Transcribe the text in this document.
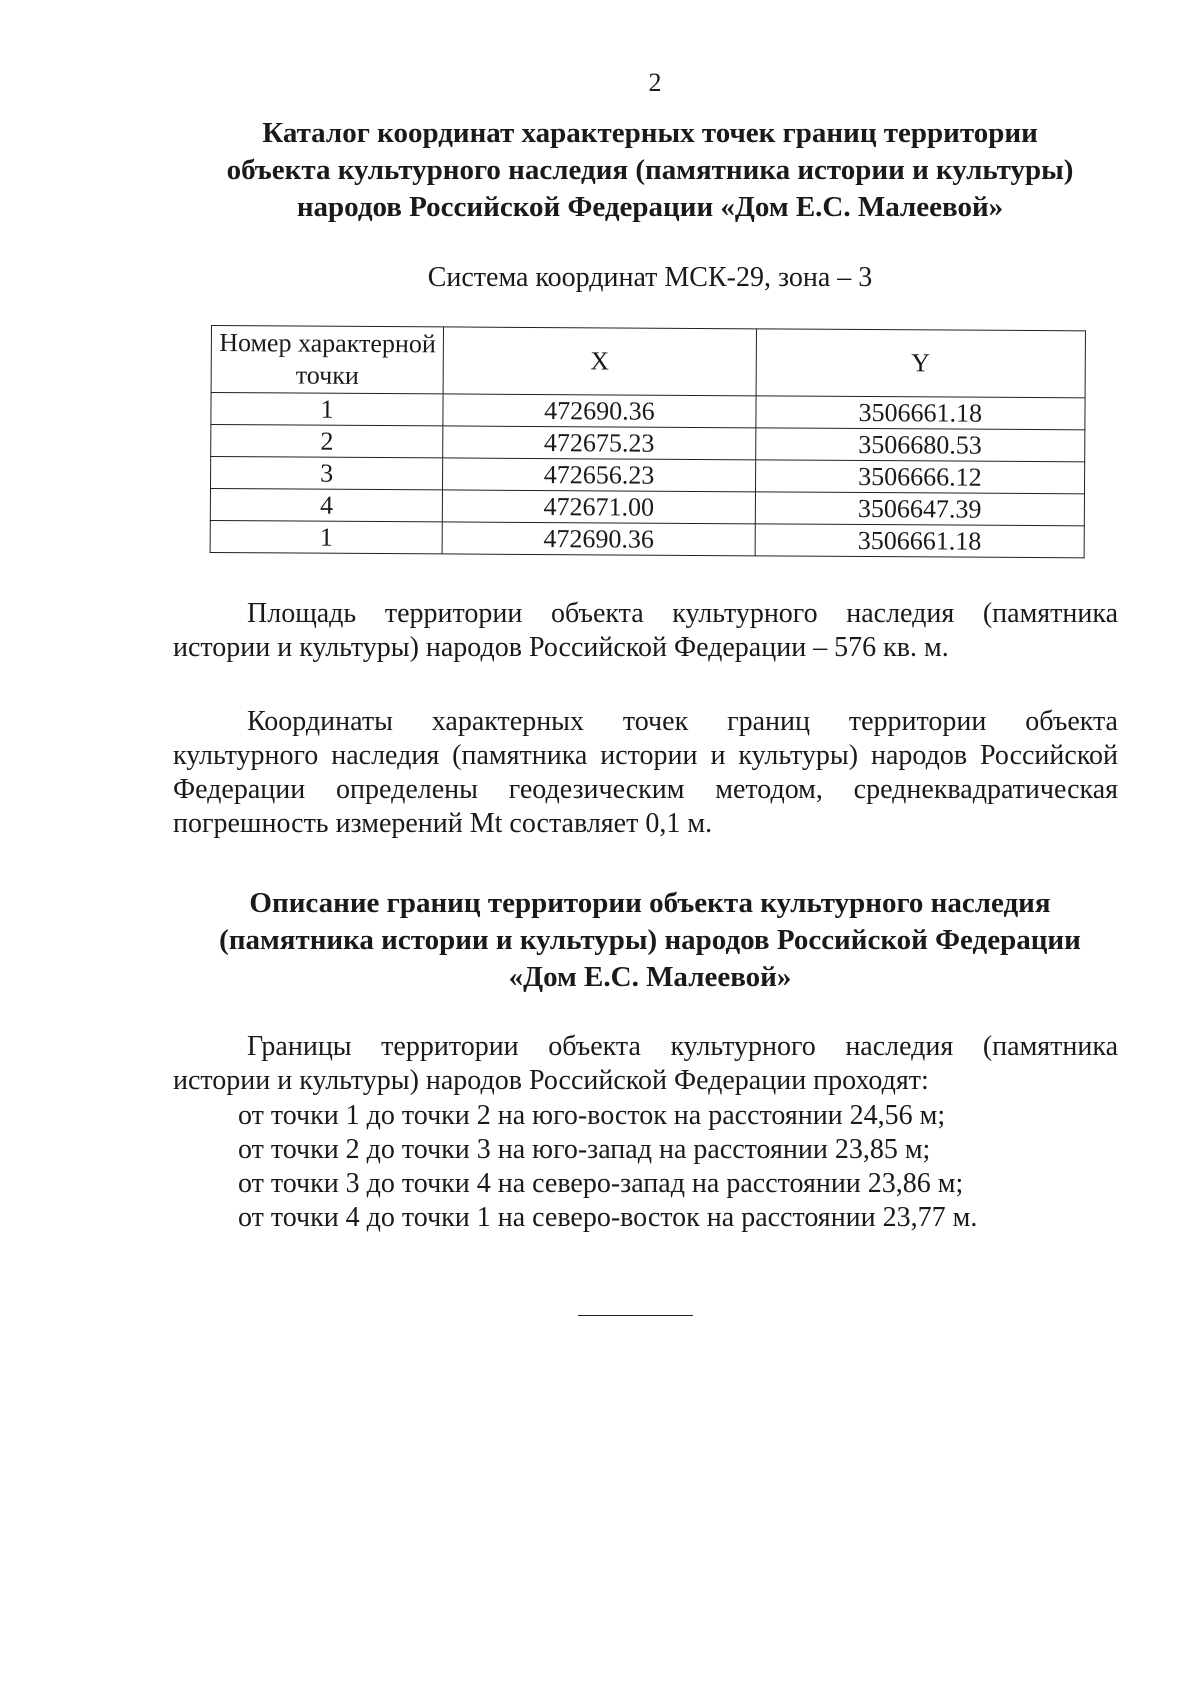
2
Каталог координат характерных точек границ территории
объекта культурного наследия (памятника истории и культуры)
народов Российской Федерации «Дом Е.С. Малеевой»
Система координат МСК-29, зона – 3
Номер характерной
точки	X	Y
1	472690.36	3506661.18
2	472675.23	3506680.53
3	472656.23	3506666.12
4	472671.00	3506647.39
1	472690.36	3506661.18
Площадь территории объекта культурного наследия (памятника
истории и культуры) народов Российской Федерации – 576 кв. м.
Координаты характерных точек границ территории объекта
культурного наследия (памятника истории и культуры) народов Российской
Федерации определены геодезическим методом, среднеквадратическая
погрешность измерений Mt составляет 0,1 м.
Описание границ территории объекта культурного наследия
(памятника истории и культуры) народов Российской Федерации
«Дом Е.С. Малеевой»
Границы территории объекта культурного наследия (памятника
истории и культуры) народов Российской Федерации проходят:
от точки 1 до точки 2 на юго-восток на расстоянии 24,56 м;
от точки 2 до точки 3 на юго-запад на расстоянии 23,85 м;
от точки 3 до точки 4 на северо-запад на расстоянии 23,86 м;
от точки 4 до точки 1 на северо-восток на расстоянии 23,77 м.
